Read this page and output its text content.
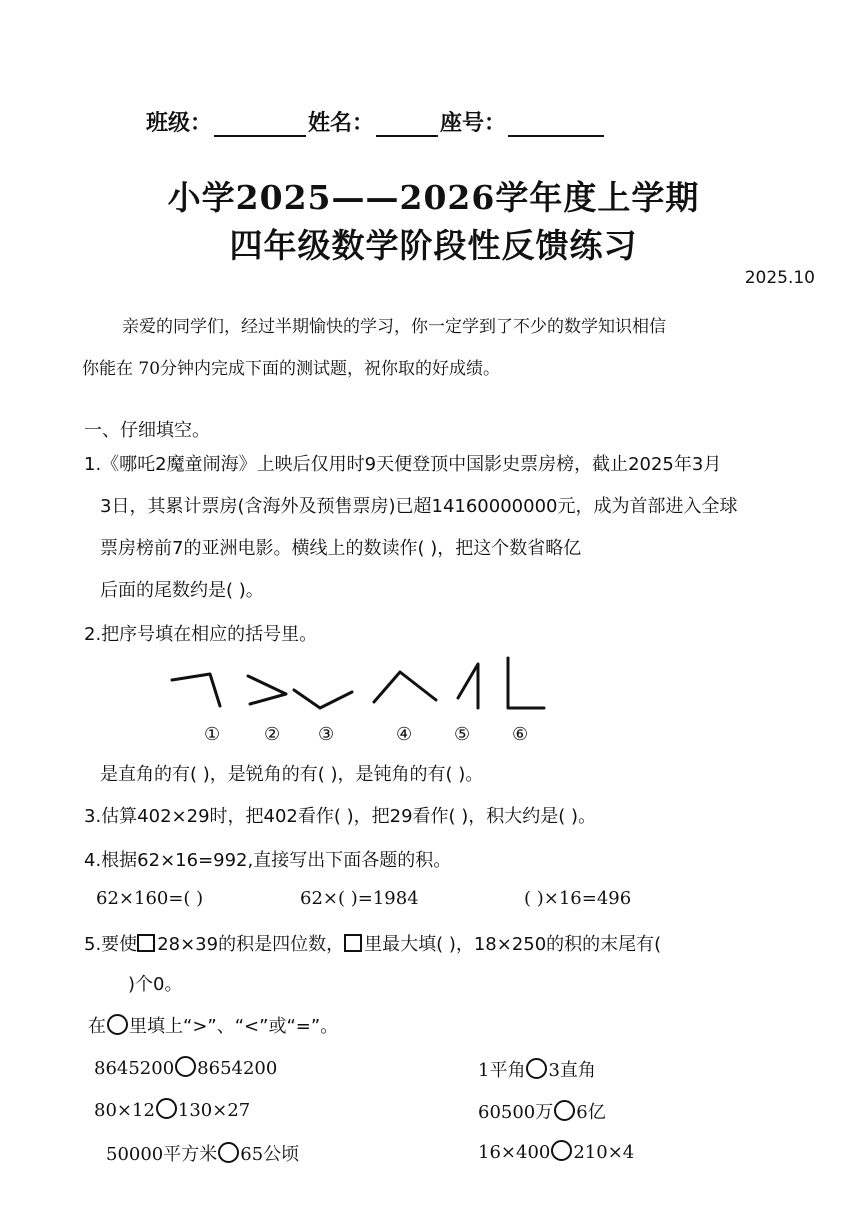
班级：	姓名：	座号：
小学2025——2026学年度上学期
四年级数学阶段性反馈练习
2025.10
亲爱的同学们，经过半期愉快的学习，你一定学到了不少的数学知识相信
你能在 70分钟内完成下面的测试题，祝你取的好成绩。
一、仔细填空。
1.《哪吒2魔童闹海》上映后仅用时9天便登顶中国影史票房榜，截止2025年3月
3日，其累计票房(含海外及预售票房)已超14160000000元，成为首部进入全球
票房榜前7的亚洲电影。横线上的数读作( )，把这个数省略亿
后面的尾数约是( )。
2.把序号填在相应的括号里。
① ② ③	④ ⑤ ⑥
是直角的有( )，是锐角的有( )，是钝角的有( )。
3.估算402×29时，把402看作( )，把29看作( )，积大约是( )。
4.根据62×16=992,直接写出下面各题的积。
62×160=( )	62×( )=1984	( )×16=496
5.要使 28×39的积是四位数， 里最大填( )，18×250的积的末尾有(
)个0。
在 里填上“>”、“<”或“=”。
8645200 8654200	1平角 3直角
80×12 130×27	60500万 6亿
50000平方米 65公顷	16×400 210×4
